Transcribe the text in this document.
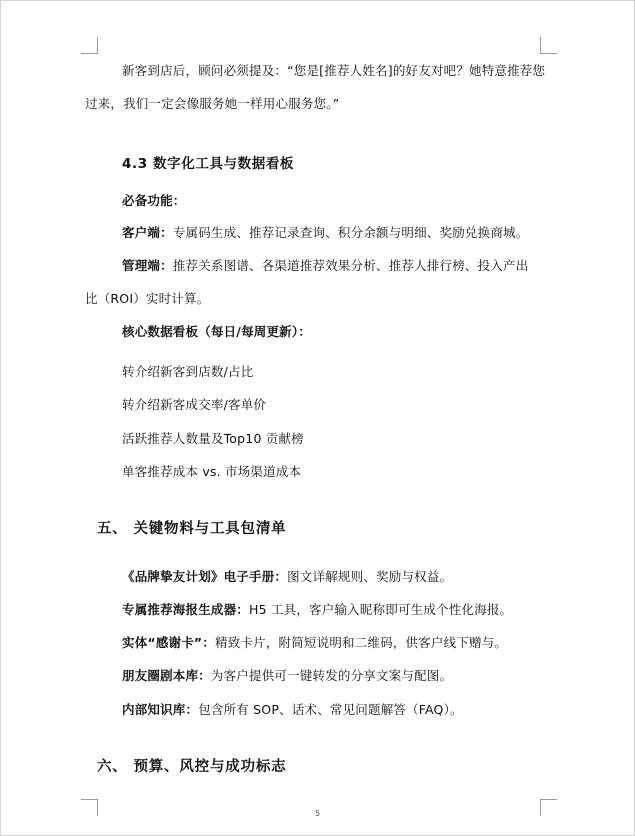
新客到店后，顾问必须提及：“您是[推荐人姓名]的好友对吧？她特意推荐您
过来，我们一定会像服务她一样用心服务您。”
4.3 数字化工具与数据看板
必备功能：
客户端：专属码生成、推荐记录查询、积分余额与明细、奖励兑换商城。
管理端：推荐关系图谱、各渠道推荐效果分析、推荐人排行榜、投入产出
比（ROI）实时计算。
核心数据看板（每日/每周更新）：
转介绍新客到店数/占比
转介绍新客成交率/客单价
活跃推荐人数量及Top10 贡献榜
单客推荐成本 vs. 市场渠道成本
五、 关键物料与工具包清单
《品牌挚友计划》电子手册：图文详解规则、奖励与权益。
专属推荐海报生成器：H5 工具，客户输入昵称即可生成个性化海报。
实体“感谢卡”：精致卡片，附简短说明和二维码，供客户线下赠与。
朋友圈剧本库：为客户提供可一键转发的分享文案与配图。
内部知识库：包含所有 SOP、话术、常见问题解答（FAQ）。
六、 预算、风控与成功标志
5
